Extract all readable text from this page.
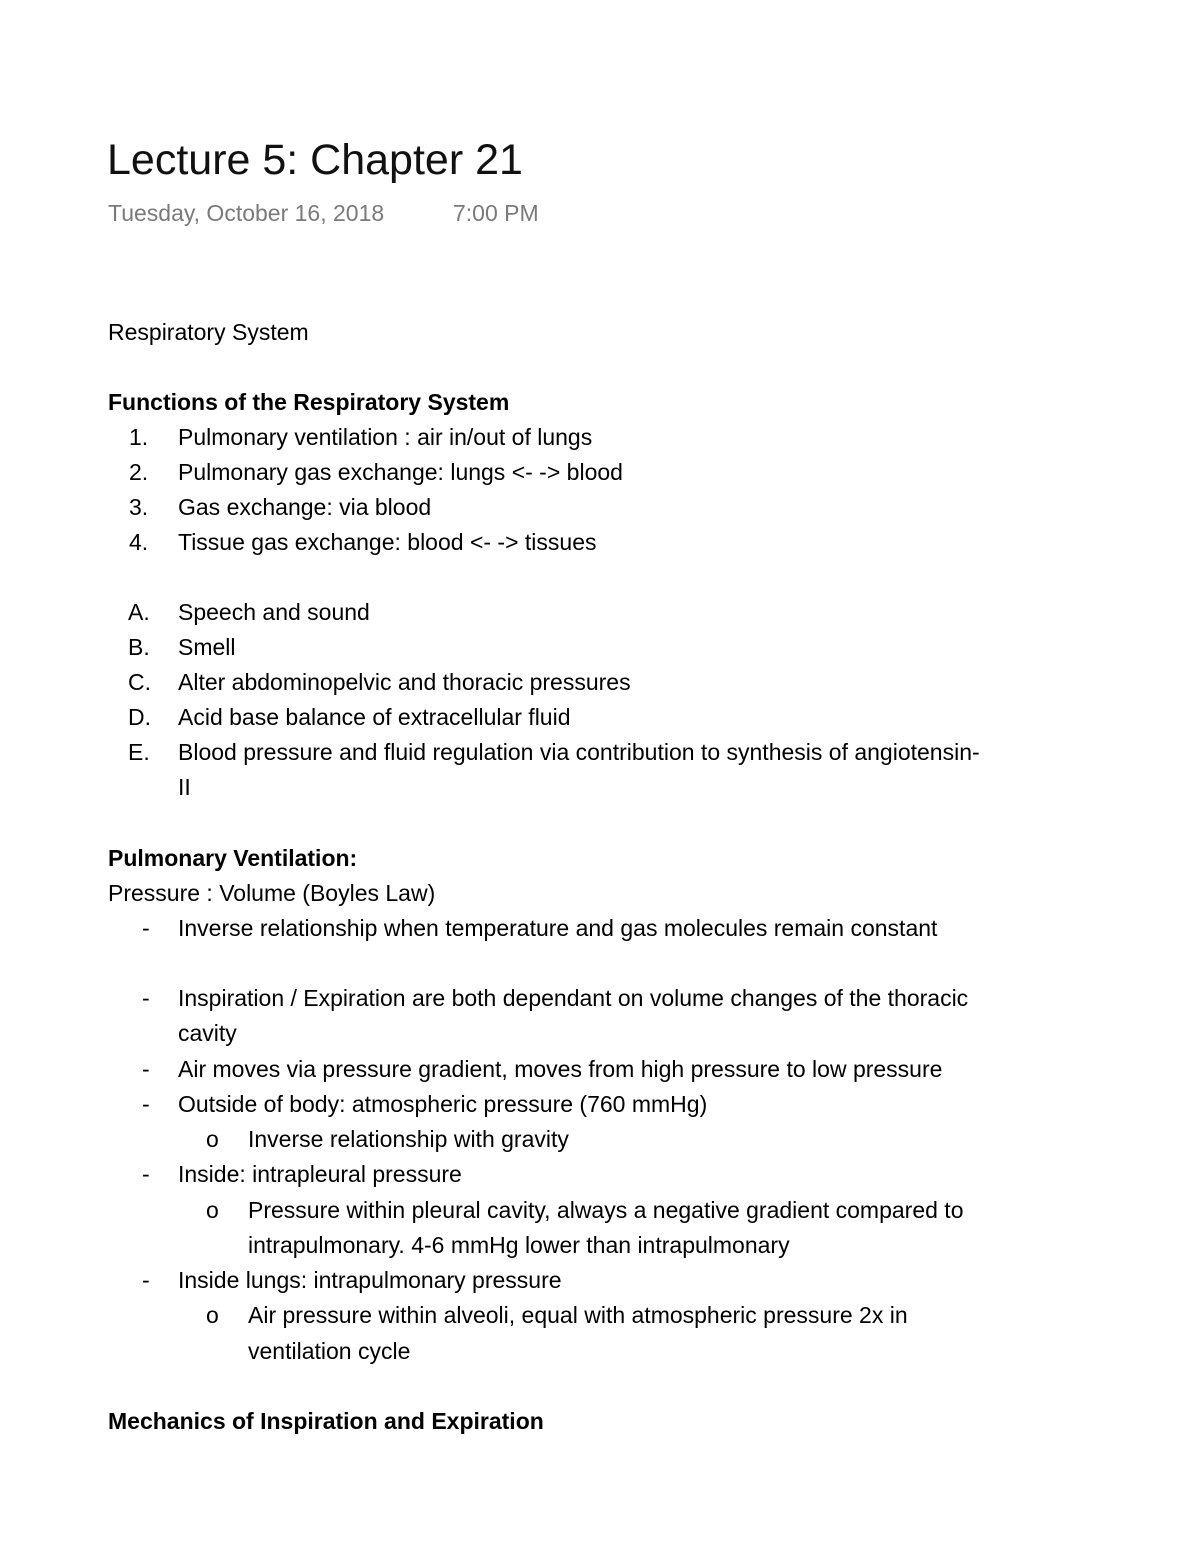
Lecture 5: Chapter 21
Tuesday, October 16, 2018	7:00 PM
Respiratory System
Functions of the Respiratory System
1. Pulmonary ventilation : air in/out of lungs
2. Pulmonary gas exchange: lungs <- -> blood
3. Gas exchange: via blood
4. Tissue gas exchange: blood <- -> tissues
A. Speech and sound
B. Smell
C. Alter abdominopelvic and thoracic pressures
D. Acid base balance of extracellular fluid
E. Blood pressure and fluid regulation via contribution to synthesis of angiotensin-
II
Pulmonary Ventilation:
Pressure : Volume (Boyles Law)
- Inverse relationship when temperature and gas molecules remain constant
- Inspiration / Expiration are both dependant on volume changes of the thoracic
cavity
- Air moves via pressure gradient, moves from high pressure to low pressure
- Outside of body: atmospheric pressure (760 mmHg)
o Inverse relationship with gravity
- Inside: intrapleural pressure
o Pressure within pleural cavity, always a negative gradient compared to
intrapulmonary. 4-6 mmHg lower than intrapulmonary
- Inside lungs: intrapulmonary pressure
o Air pressure within alveoli, equal with atmospheric pressure 2x in
ventilation cycle
Mechanics of Inspiration and Expiration
